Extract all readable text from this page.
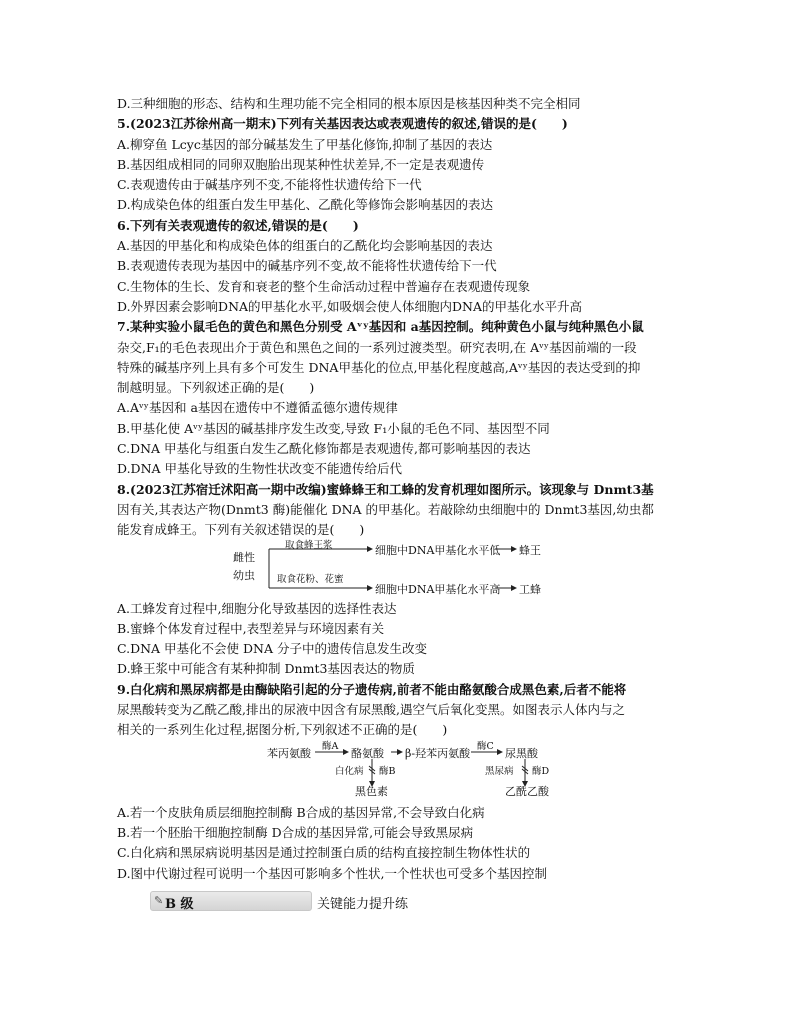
D.三种细胞的形态、结构和生理功能不完全相同的根本原因是核基因种类不完全相同
5.(2023江苏徐州高一期末)下列有关基因表达或表观遗传的叙述,错误的是(　　)
A.柳穿鱼 Lcyc基因的部分碱基发生了甲基化修饰,抑制了基因的表达
B.基因组成相同的同卵双胞胎出现某种性状差异,不一定是表观遗传
C.表观遗传由于碱基序列不变,不能将性状遗传给下一代
D.构成染色体的组蛋白发生甲基化、乙酰化等修饰会影响基因的表达
6.下列有关表观遗传的叙述,错误的是(　　)
A.基因的甲基化和构成染色体的组蛋白的乙酰化均会影响基因的表达
B.表观遗传表现为基因中的碱基序列不变,故不能将性状遗传给下一代
C.生物体的生长、发育和衰老的整个生命活动过程中普遍存在表观遗传现象
D.外界因素会影响DNA的甲基化水平,如吸烟会使人体细胞内DNA的甲基化水平升高
7.某种实验小鼠毛色的黄色和黑色分别受 Aᵛʸ基因和 a基因控制。纯种黄色小鼠与纯种黑色小鼠
杂交,F₁的毛色表现出介于黄色和黑色之间的一系列过渡类型。研究表明,在 Aᵛʸ基因前端的一段
特殊的碱基序列上具有多个可发生 DNA甲基化的位点,甲基化程度越高,Aᵛʸ基因的表达受到的抑
制越明显。下列叙述正确的是(　　)
A.Aᵛʸ基因和 a基因在遗传中不遵循孟德尔遗传规律
B.甲基化使 Aᵛʸ基因的碱基排序发生改变,导致 F₁小鼠的毛色不同、基因型不同
C.DNA 甲基化与组蛋白发生乙酰化修饰都是表观遗传,都可影响基因的表达
D.DNA 甲基化导致的生物性状改变不能遗传给后代
8.(2023江苏宿迁沭阳高一期中改编)蜜蜂蜂王和工蜂的发育机理如图所示。该现象与 Dnmt3基
因有关,其表达产物(Dnmt3 酶)能催化 DNA 的甲基化。若敲除幼虫细胞中的 Dnmt3基因,幼虫都
能发育成蜂王。下列有关叙述错误的是(　　)
雌性
幼虫
取食蜂王浆
取食花粉、花蜜
细胞中DNA甲基化水平低 蜂王
细胞中DNA甲基化水平高 工蜂
A.工蜂发育过程中,细胞分化导致基因的选择性表达
B.蜜蜂个体发育过程中,表型差异与环境因素有关
C.DNA 甲基化不会使 DNA 分子中的遗传信息发生改变
D.蜂王浆中可能含有某种抑制 Dnmt3基因表达的物质
9.白化病和黑尿病都是由酶缺陷引起的分子遗传病,前者不能由酪氨酸合成黑色素,后者不能将
尿黑酸转变为乙酰乙酸,排出的尿液中因含有尿黑酸,遇空气后氧化变黑。如图表示人体内与之
相关的一系列生化过程,据图分析,下列叙述不正确的是(　　)
苯丙氨酸
酶A
酪氨酸 β-羟苯丙氨酸
酶C
尿黑酸
白化病 酶B
黑色素
黑尿病 酶D
乙酰乙酸
A.若一个皮肤角质层细胞控制酶 B合成的基因异常,不会导致白化病
B.若一个胚胎干细胞控制酶 D合成的基因异常,可能会导致黑尿病
C.白化病和黑尿病说明基因是通过控制蛋白质的结构直接控制生物体性状的
D.图中代谢过程可说明一个基因可影响多个性状,一个性状也可受多个基因控制
✎ B 级	关键能力提升练
